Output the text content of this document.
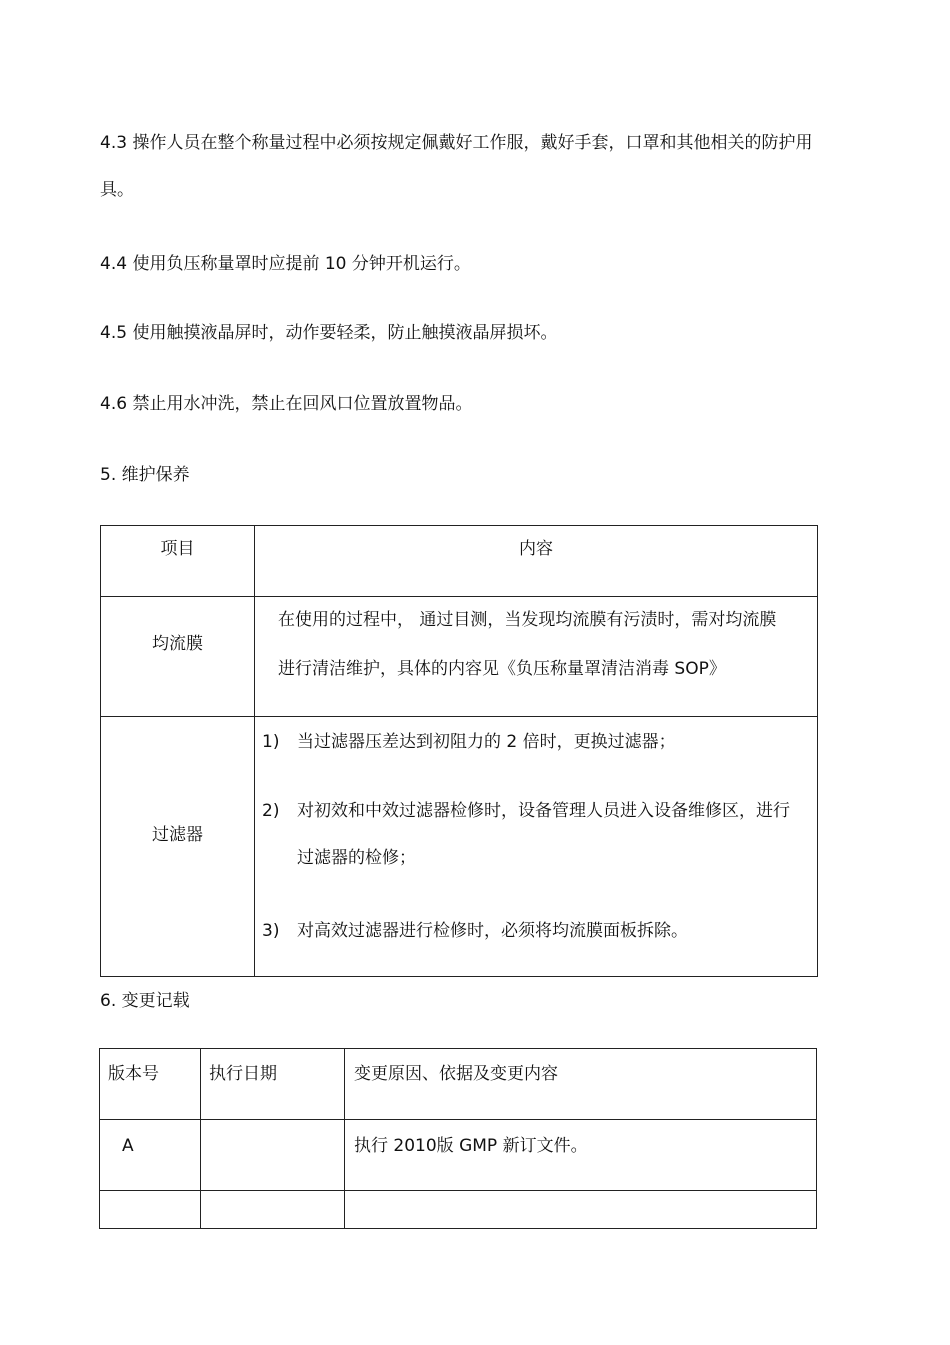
4.3 操作人员在整个称量过程中必须按规定佩戴好工作服，戴好手套，口罩和其他相关的防护用
具。
4.4 使用负压称量罩时应提前 10 分钟开机运行。
4.5 使用触摸液晶屏时，动作要轻柔，防止触摸液晶屏损坏。
4.6 禁止用水冲洗，禁止在回风口位置放置物品。
5. 维护保养
项目	内容

均流膜	在使用的过程中， 通过目测，当发现均流膜有污渍时，需对均流膜
进行清洁维护，具体的内容见《负压称量罩清洁消毒 SOP》

过滤器	1) 当过滤器压差达到初阻力的 2 倍时，更换过滤器；
2) 对初效和中效过滤器检修时，设备管理人员进入设备维修区，进行
过滤器的检修；
3) 对高效过滤器进行检修时，必须将均流膜面板拆除。
6. 变更记载
版本号	执行日期	变更原因、依据及变更内容

A		执行 2010版 GMP 新订文件。
